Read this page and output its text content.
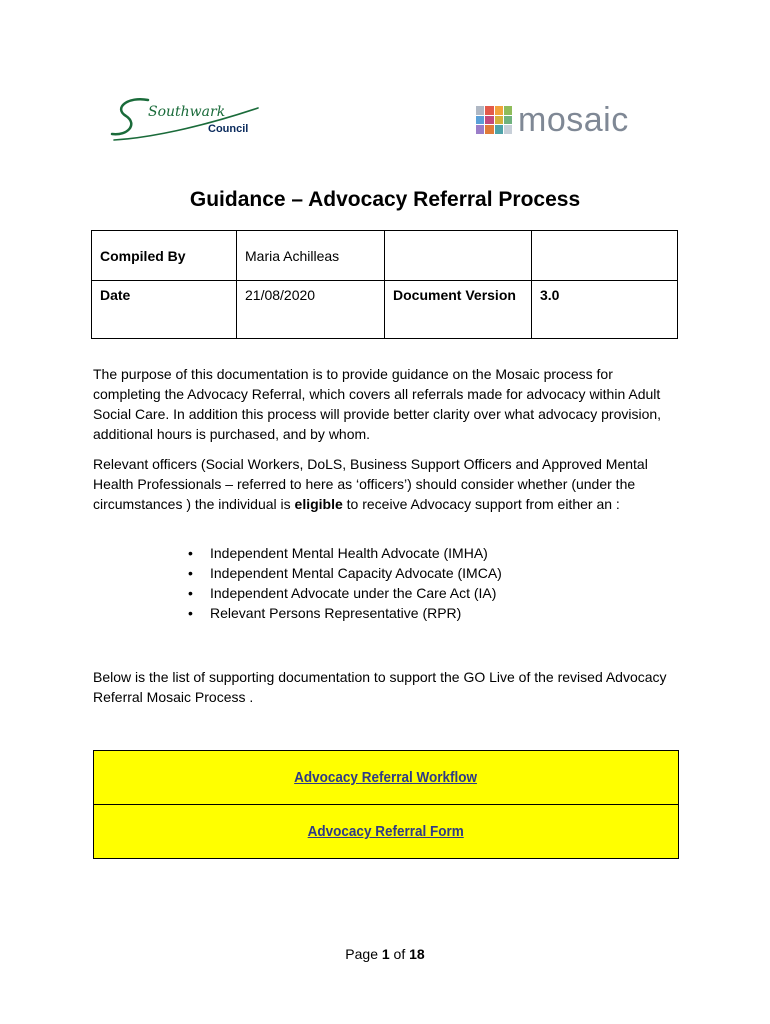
Southwark
Council	mosaic
Guidance – Advocacy Referral Process
Compiled By	Maria Achilleas		
Date	21/08/2020	Document Version	3.0

The purpose of this documentation is to provide guidance on the Mosaic process for completing the Advocacy Referral, which covers all referrals made for advocacy within Adult Social Care. In addition this process will provide better clarity over what advocacy provision, additional hours is purchased, and by whom.

Relevant officers (Social Workers, DoLS, Business Support Officers and Approved Mental Health Professionals – referred to here as ‘officers’) should consider whether (under the circumstances ) the individual is eligible to receive Advocacy support from either an :

• Independent Mental Health Advocate (IMHA)
• Independent Mental Capacity Advocate (IMCA)
• Independent Advocate under the Care Act (IA)
• Relevant Persons Representative (RPR)

Below is the list of supporting documentation to support the GO Live of the revised Advocacy Referral Mosaic Process .

Advocacy Referral Workflow
Advocacy Referral Form
Page 1 of 18
